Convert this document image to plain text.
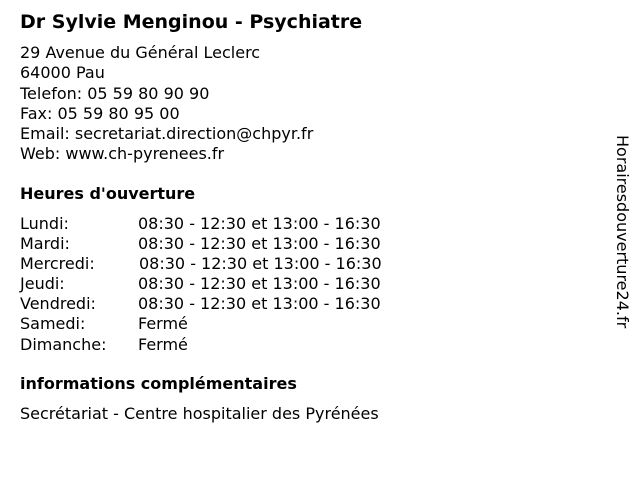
Dr Sylvie Menginou - Psychiatre
29 Avenue du Général Leclerc
64000 Pau
Telefon: 05 59 80 90 90
Fax: 05 59 80 95 00
Email: secretariat.direction@chpyr.fr
Web: www.ch-pyrenees.fr
Heures d'ouverture
Lundi:	08:30 - 12:30 et 13:00 - 16:30
Mardi:	08:30 - 12:30 et 13:00 - 16:30
Mercredi:	08:30 - 12:30 et 13:00 - 16:30
Jeudi:	08:30 - 12:30 et 13:00 - 16:30
Vendredi:	08:30 - 12:30 et 13:00 - 16:30
Samedi:	Fermé
Dimanche: Fermé
informations complémentaires
Secrétariat - Centre hospitalier des Pyrénées
Horairesdouverture24.fr
